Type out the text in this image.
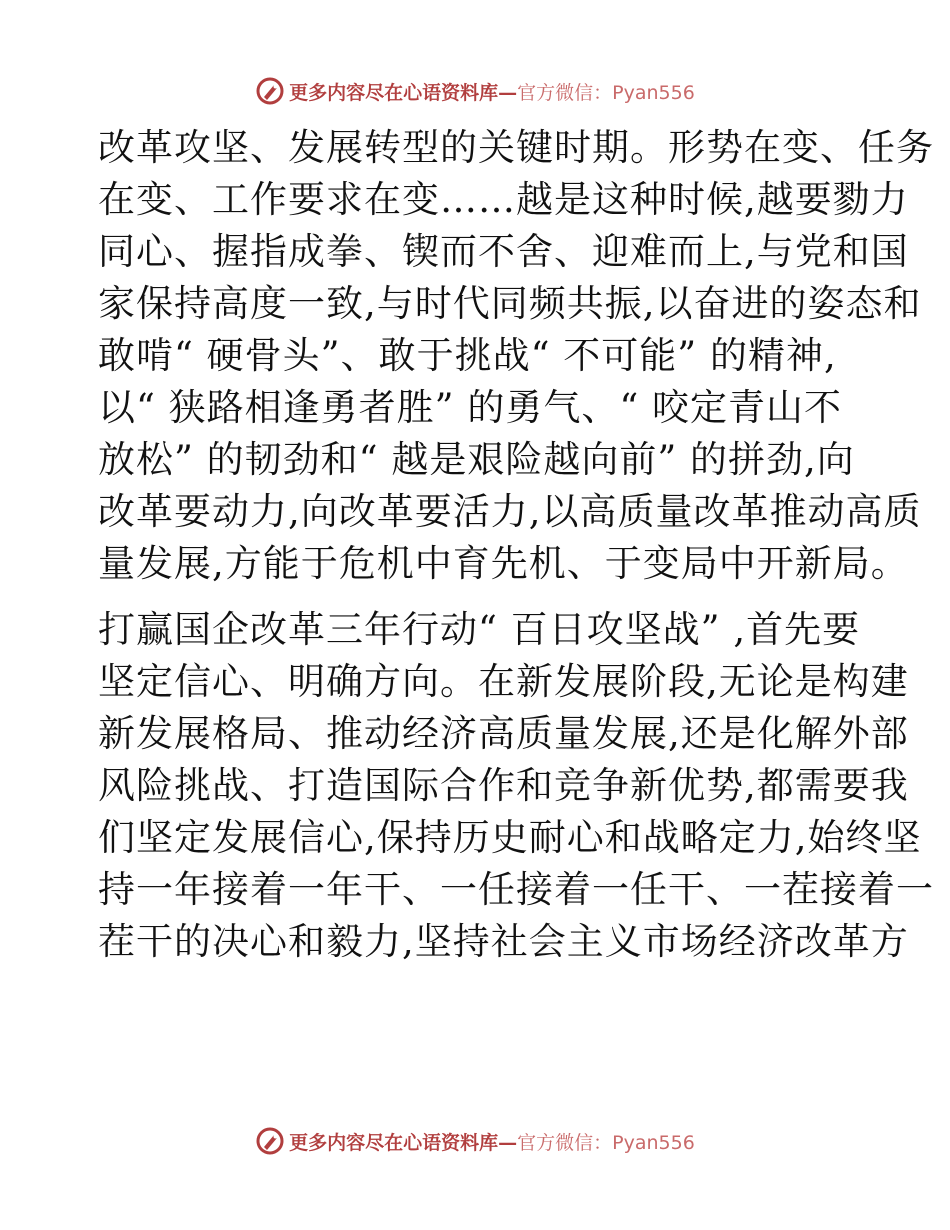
更多内容尽在心语资料库— 官方微信：Pyan556
改革攻坚、发展转型的关键时期。形势在变、任务
在变、工作要求在变……越是这种时候,越要勠力
同心、握指成拳、锲而不舍、迎难而上,与党和国
家保持高度一致,与时代同频共振,以奋进的姿态和
敢啃“ 硬骨头”、敢于挑战“ 不可能” 的精神,
以“ 狭路相逢勇者胜” 的勇气、“ 咬定青山不
放松” 的韧劲和“ 越是艰险越向前” 的拼劲,向
改革要动力,向改革要活力,以高质量改革推动高质
量发展,方能于危机中育先机、于变局中开新局。
打赢国企改革三年行动“ 百日攻坚战” ,首先要
坚定信心、明确方向。在新发展阶段,无论是构建
新发展格局、推动经济高质量发展,还是化解外部
风险挑战、打造国际合作和竞争新优势,都需要我
们坚定发展信心,保持历史耐心和战略定力,始终坚
持一年接着一年干、一任接着一任干、一茬接着一
茬干的决心和毅力,坚持社会主义市场经济改革方
更多内容尽在心语资料库— 官方微信：Pyan556
